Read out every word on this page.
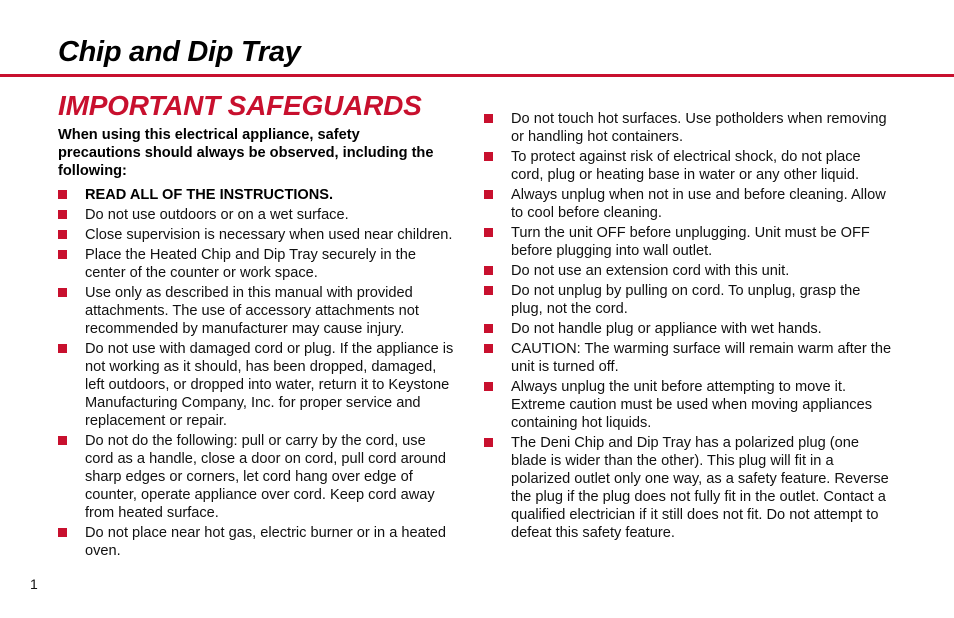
Chip and Dip Tray
IMPORTANT SAFEGUARDS

When using this electrical appliance, safety precautions should always be observed, including the following:

READ ALL OF THE INSTRUCTIONS.
Do not use outdoors or on a wet surface.
Close supervision is necessary when used near children.
Place the Heated Chip and Dip Tray securely in the center of the counter or work space.
Use only as described in this manual with provided attachments. The use of accessory attachments not recommended by manufacturer may cause injury.
Do not use with damaged cord or plug. If the appliance is not working as it should, has been dropped, damaged, left outdoors, or dropped into water, return it to Keystone Manufacturing Company, Inc. for proper service and replacement or repair.
Do not do the following: pull or carry by the cord, use cord as a handle, close a door on cord, pull cord around sharp edges or corners, let cord hang over edge of counter, operate appliance over cord. Keep cord away from heated surface.
Do not place near hot gas, electric burner or in a heated oven.
Do not touch hot surfaces. Use potholders when removing or handling hot containers.
To protect against risk of electrical shock, do not place cord, plug or heating base in water or any other liquid.
Always unplug when not in use and before cleaning. Allow to cool before cleaning.
Turn the unit OFF before unplugging. Unit must be OFF before plugging into wall outlet.
Do not use an extension cord with this unit.
Do not unplug by pulling on cord. To unplug, grasp the plug, not the cord.
Do not handle plug or appliance with wet hands.
CAUTION: The warming surface will remain warm after the unit is turned off.
Always unplug the unit before attempting to move it. Extreme caution must be used when moving appliances containing hot liquids.
The Deni Chip and Dip Tray has a polarized plug (one blade is wider than the other). This plug will fit in a polarized outlet only one way, as a safety feature. Reverse the plug if the plug does not fully fit in the outlet. Contact a qualified electrician if it still does not fit. Do not attempt to defeat this safety feature.
1
